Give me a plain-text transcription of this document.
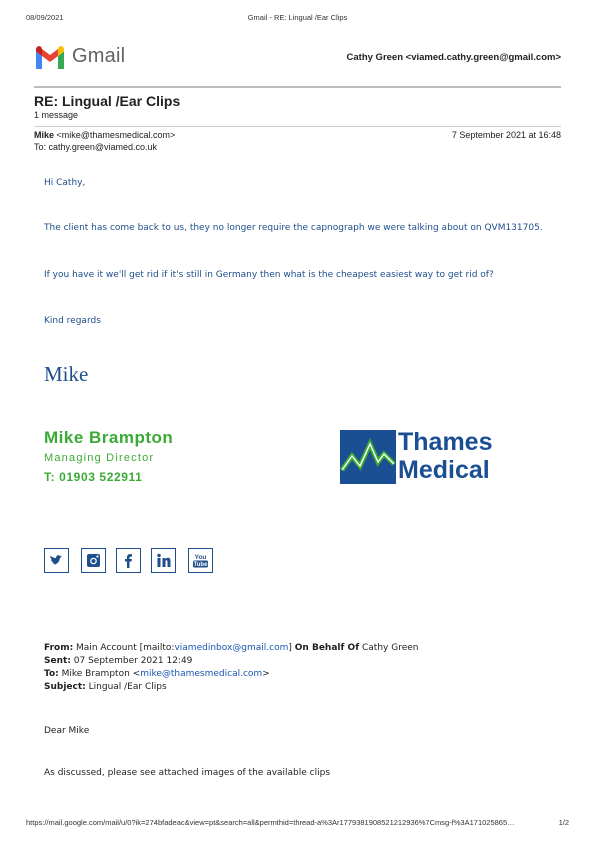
08/09/2021	Gmail - RE: Lingual /Ear Clips
Gmail	Cathy Green <viamed.cathy.green@gmail.com>
RE: Lingual /Ear Clips
1 message
Mike <mike@thamesmedical.com>	7 September 2021 at 16:48
To: cathy.green@viamed.co.uk
Hi Cathy,
The client has come back to us, they no longer require the capnograph we were talking about on QVM131705.
If you have it we'll get rid if it's still in Germany then what is the cheapest easiest way to get rid of?
Kind regards
Mike
Mike Brampton
Managing Director
T: 01903 522911
Thames
Medical
You
Tube
From: Main Account [mailto:viamedinbox@gmail.com] On Behalf Of Cathy Green
Sent: 07 September 2021 12:49
To: Mike Brampton <mike@thamesmedical.com>
Subject: Lingual /Ear Clips
Dear Mike
As discussed, please see attached images of the available clips
https://mail.google.com/mail/u/0?ik=274bfadeac&view=pt&search=all&permthid=thread-a%3Ar1779381908521212936%7Cmsg-f%3A171025865…	1/2
